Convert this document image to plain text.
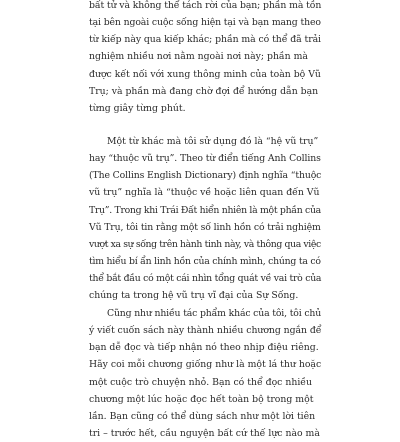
bất tử và không thể tách rời của bạn; phần mà tồn
tại bên ngoài cuộc sống hiện tại và bạn mang theo
từ kiếp này qua kiếp khác; phần mà có thể đã trải
nghiệm nhiều nơi nằm ngoài nơi này; phần mà
được kết nối với xung thông minh của toàn bộ Vũ
Trụ; và phần mà đang chờ đợi để hướng dẫn bạn
từng giây từng phút.
Một từ khác mà tôi sử dụng đó là “hệ vũ trụ”
hay “thuộc vũ trụ”. Theo từ điển tiếng Anh Collins
(The Collins English Dictionary) định nghĩa “thuộc
vũ trụ” nghĩa là “thuộc về hoặc liên quan đến Vũ
Trụ”. Trong khi Trái Đất hiển nhiên là một phần của
Vũ Trụ, tôi tin rằng một số linh hồn có trải nghiệm
vượt xa sự sống trên hành tinh này, và thông qua việc
tìm hiểu bí ẩn linh hồn của chính mình, chúng ta có
thể bắt đầu có một cái nhìn tổng quát về vai trò của
chúng ta trong hệ vũ trụ vĩ đại của Sự Sống.
Cũng như nhiều tác phẩm khác của tôi, tôi chủ
ý viết cuốn sách này thành nhiều chương ngắn để
bạn dễ đọc và tiếp nhận nó theo nhịp điệu riêng.
Hãy coi mỗi chương giống như là một lá thư hoặc
một cuộc trò chuyện nhỏ. Bạn có thể đọc nhiều
chương một lúc hoặc đọc hết toàn bộ trong một
lần. Bạn cũng có thể dùng sách như một lời tiên
tri – trước hết, cầu nguyện bất cứ thế lực nào mà
